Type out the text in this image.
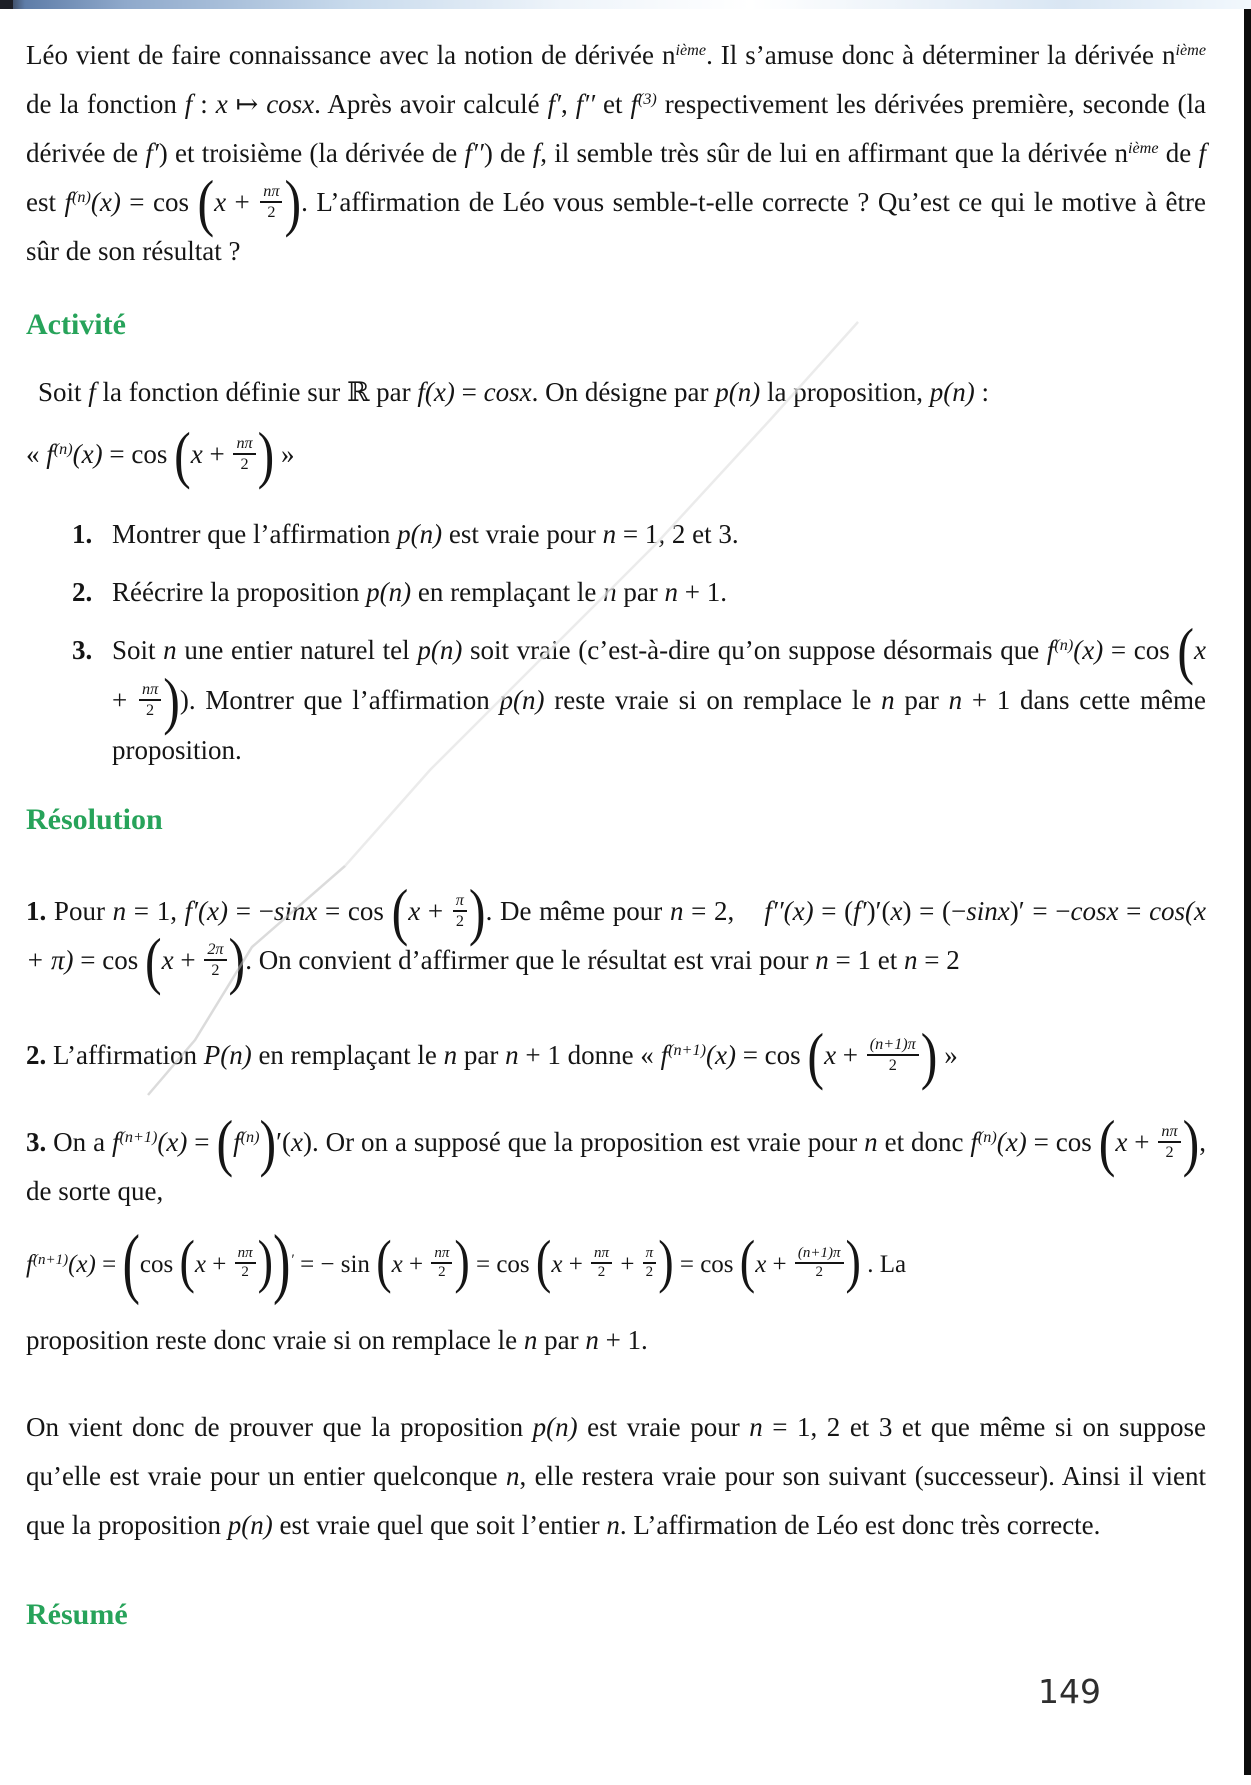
Léo vient de faire connaissance avec la notion de dérivée $n^{ième}$. Il s’amuse donc à déterminer la dérivée $n^{ième}$ de la fonction f : x ↦ cosx. Après avoir calculé f′, f′′ et $f^{(3)}$ respectivement les dérivées première, seconde (la dérivée de f′) et troisième (la dérivée de f′′) de f, il semble très sûr de lui en affirmant que la dérivée $n^{ième}$ de f est $f^{(n)}(x) = \cos (x + \frac{n\pi}{2}$ ). L’affirmation de Léo vous semble-t-elle correcte ? Qu’est ce qui le motive à être sûr de son résultat ?
Activité
Soit f la fonction définie sur ℝ par f(x) = cosx. On désigne par p(n) la proposition, p(n) :
« $f^{(n)}(x) = \cos (x + \frac{n\pi}{2}$ ) »
1. Montrer que l’affirmation p(n) est vraie pour n = 1, 2 et 3.
2. Réécrire la proposition p(n) en remplaçant le n par n + 1.
3. Soit n une entier naturel tel p(n) soit vraie (c’est-à-dire qu’on suppose désormais que $f^{(n)}(x) = \cos (x + \frac{n\pi}{2}$ )). Montrer que l’affirmation p(n) reste vraie si on remplace le n par n + 1 dans cette même proposition.
Résolution
1. Pour n = 1, $f'(x) = -\sin x = \cos (x + \frac{\pi}{2}$ ). De même pour n = 2, $f''(x) = (f')'(x) = (-\sin x)' = -\cos x = \cos(x + \pi) = \cos (x + \frac{2\pi}{2}$ ). On convient d’affirmer que le résultat est vrai pour n = 1 et n = 2
2. L’affirmation P(n) en remplaçant le n par n + 1 donne « $f^{(n+1)}(x) = \cos (x + \frac{(n+1)\pi}{2}$ ) »
3. On a $f^{(n+1)}(x) = (f^{(n)})'(x)$. Or on a supposé que la proposition est vraie pour n et donc $f^{(n)}(x) = \cos (x + \frac{n\pi}{2}$ ), de sorte que,
$f^{(n+1)}(x) = (\cos$ $(x + \frac{n\pi}{2} ))'$ = − $\sin (x + \frac{n\pi}{2}$ ) = $\cos (x + \frac{n\pi}{2} + \frac{\pi}{2}$ ) = $\cos (x + \frac{(n+1)\pi}{2}$ ) . La
proposition reste donc vraie si on remplace le n par n + 1.
On vient donc de prouver que la proposition p(n) est vraie pour n = 1, 2 et 3 et que même si on suppose qu’elle est vraie pour un entier quelconque n, elle restera vraie pour son suivant (successeur). Ainsi il vient que la proposition p(n) est vraie quel que soit l’entier n. L’affirmation de Léo est donc très correcte.
Résumé
149
